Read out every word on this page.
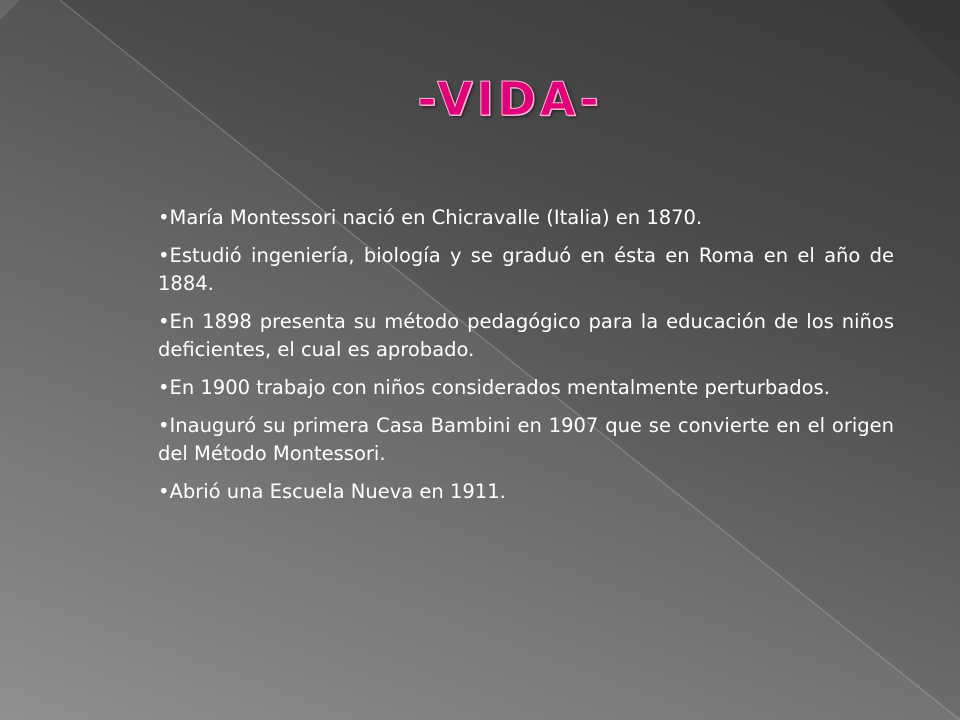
-VIDA-

•María Montessori nació en Chicravalle (Italia) en 1870.

•Estudió ingeniería, biología y se graduó en ésta en Roma en el año de 1884.

•En 1898 presenta su método pedagógico para la educación de los niños deficientes, el cual es aprobado.

•En 1900 trabajo con niños considerados mentalmente perturbados.

•Inauguró su primera Casa Bambini en 1907 que se convierte en el origen del Método Montessori.

•Abrió una Escuela Nueva en 1911.
